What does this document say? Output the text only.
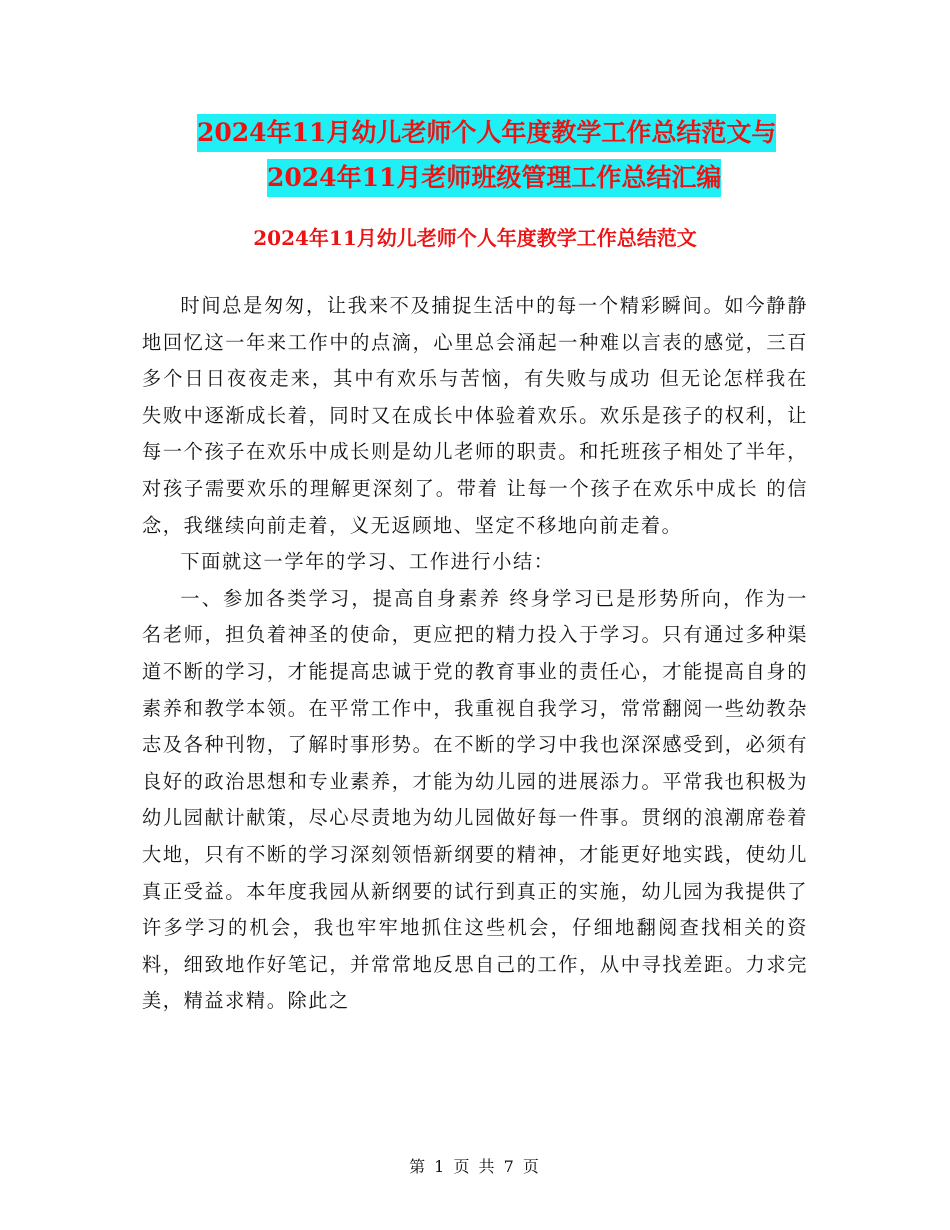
2024年11月幼儿老师个人年度教学工作总结范文与
2024年11月老师班级管理工作总结汇编
2024年11月幼儿老师个人年度教学工作总结范文

时间总是匆匆，让我来不及捕捉生活中的每一个精彩瞬间。如今静静地回忆这一年来工作中的点滴，心里总会涌起一种难以言表的感觉，三百多个日日夜夜走来，其中有欢乐与苦恼，有失败与成功 但无论怎样我在失败中逐渐成长着，同时又在成长中体验着欢乐。欢乐是孩子的权利，让每一个孩子在欢乐中成长则是幼儿老师的职责。和托班孩子相处了半年，对孩子需要欢乐的理解更深刻了。带着 让每一个孩子在欢乐中成长 的信念，我继续向前走着，义无返顾地、坚定不移地向前走着。

下面就这一学年的学习、工作进行小结：

一、参加各类学习，提高自身素养 终身学习已是形势所向，作为一名老师，担负着神圣的使命，更应把的精力投入于学习。只有通过多种渠道不断的学习，才能提高忠诚于党的教育事业的责任心，才能提高自身的素养和教学本领。在平常工作中，我重视自我学习，常常翻阅一些幼教杂志及各种刊物，了解时事形势。在不断的学习中我也深深感受到，必须有良好的政治思想和专业素养，才能为幼儿园的进展添力。平常我也积极为幼儿园献计献策，尽心尽责地为幼儿园做好每一件事。贯纲的浪潮席卷着大地，只有不断的学习深刻领悟新纲要的精神，才能更好地实践，使幼儿真正受益。本年度我园从新纲要的试行到真正的实施，幼儿园为我提供了许多学习的机会，我也牢牢地抓住这些机会，仔细地翻阅查找相关的资料，细致地作好笔记，并常常地反思自己的工作，从中寻找差距。力求完美，精益求精。除此之

第 1 页 共 7 页
